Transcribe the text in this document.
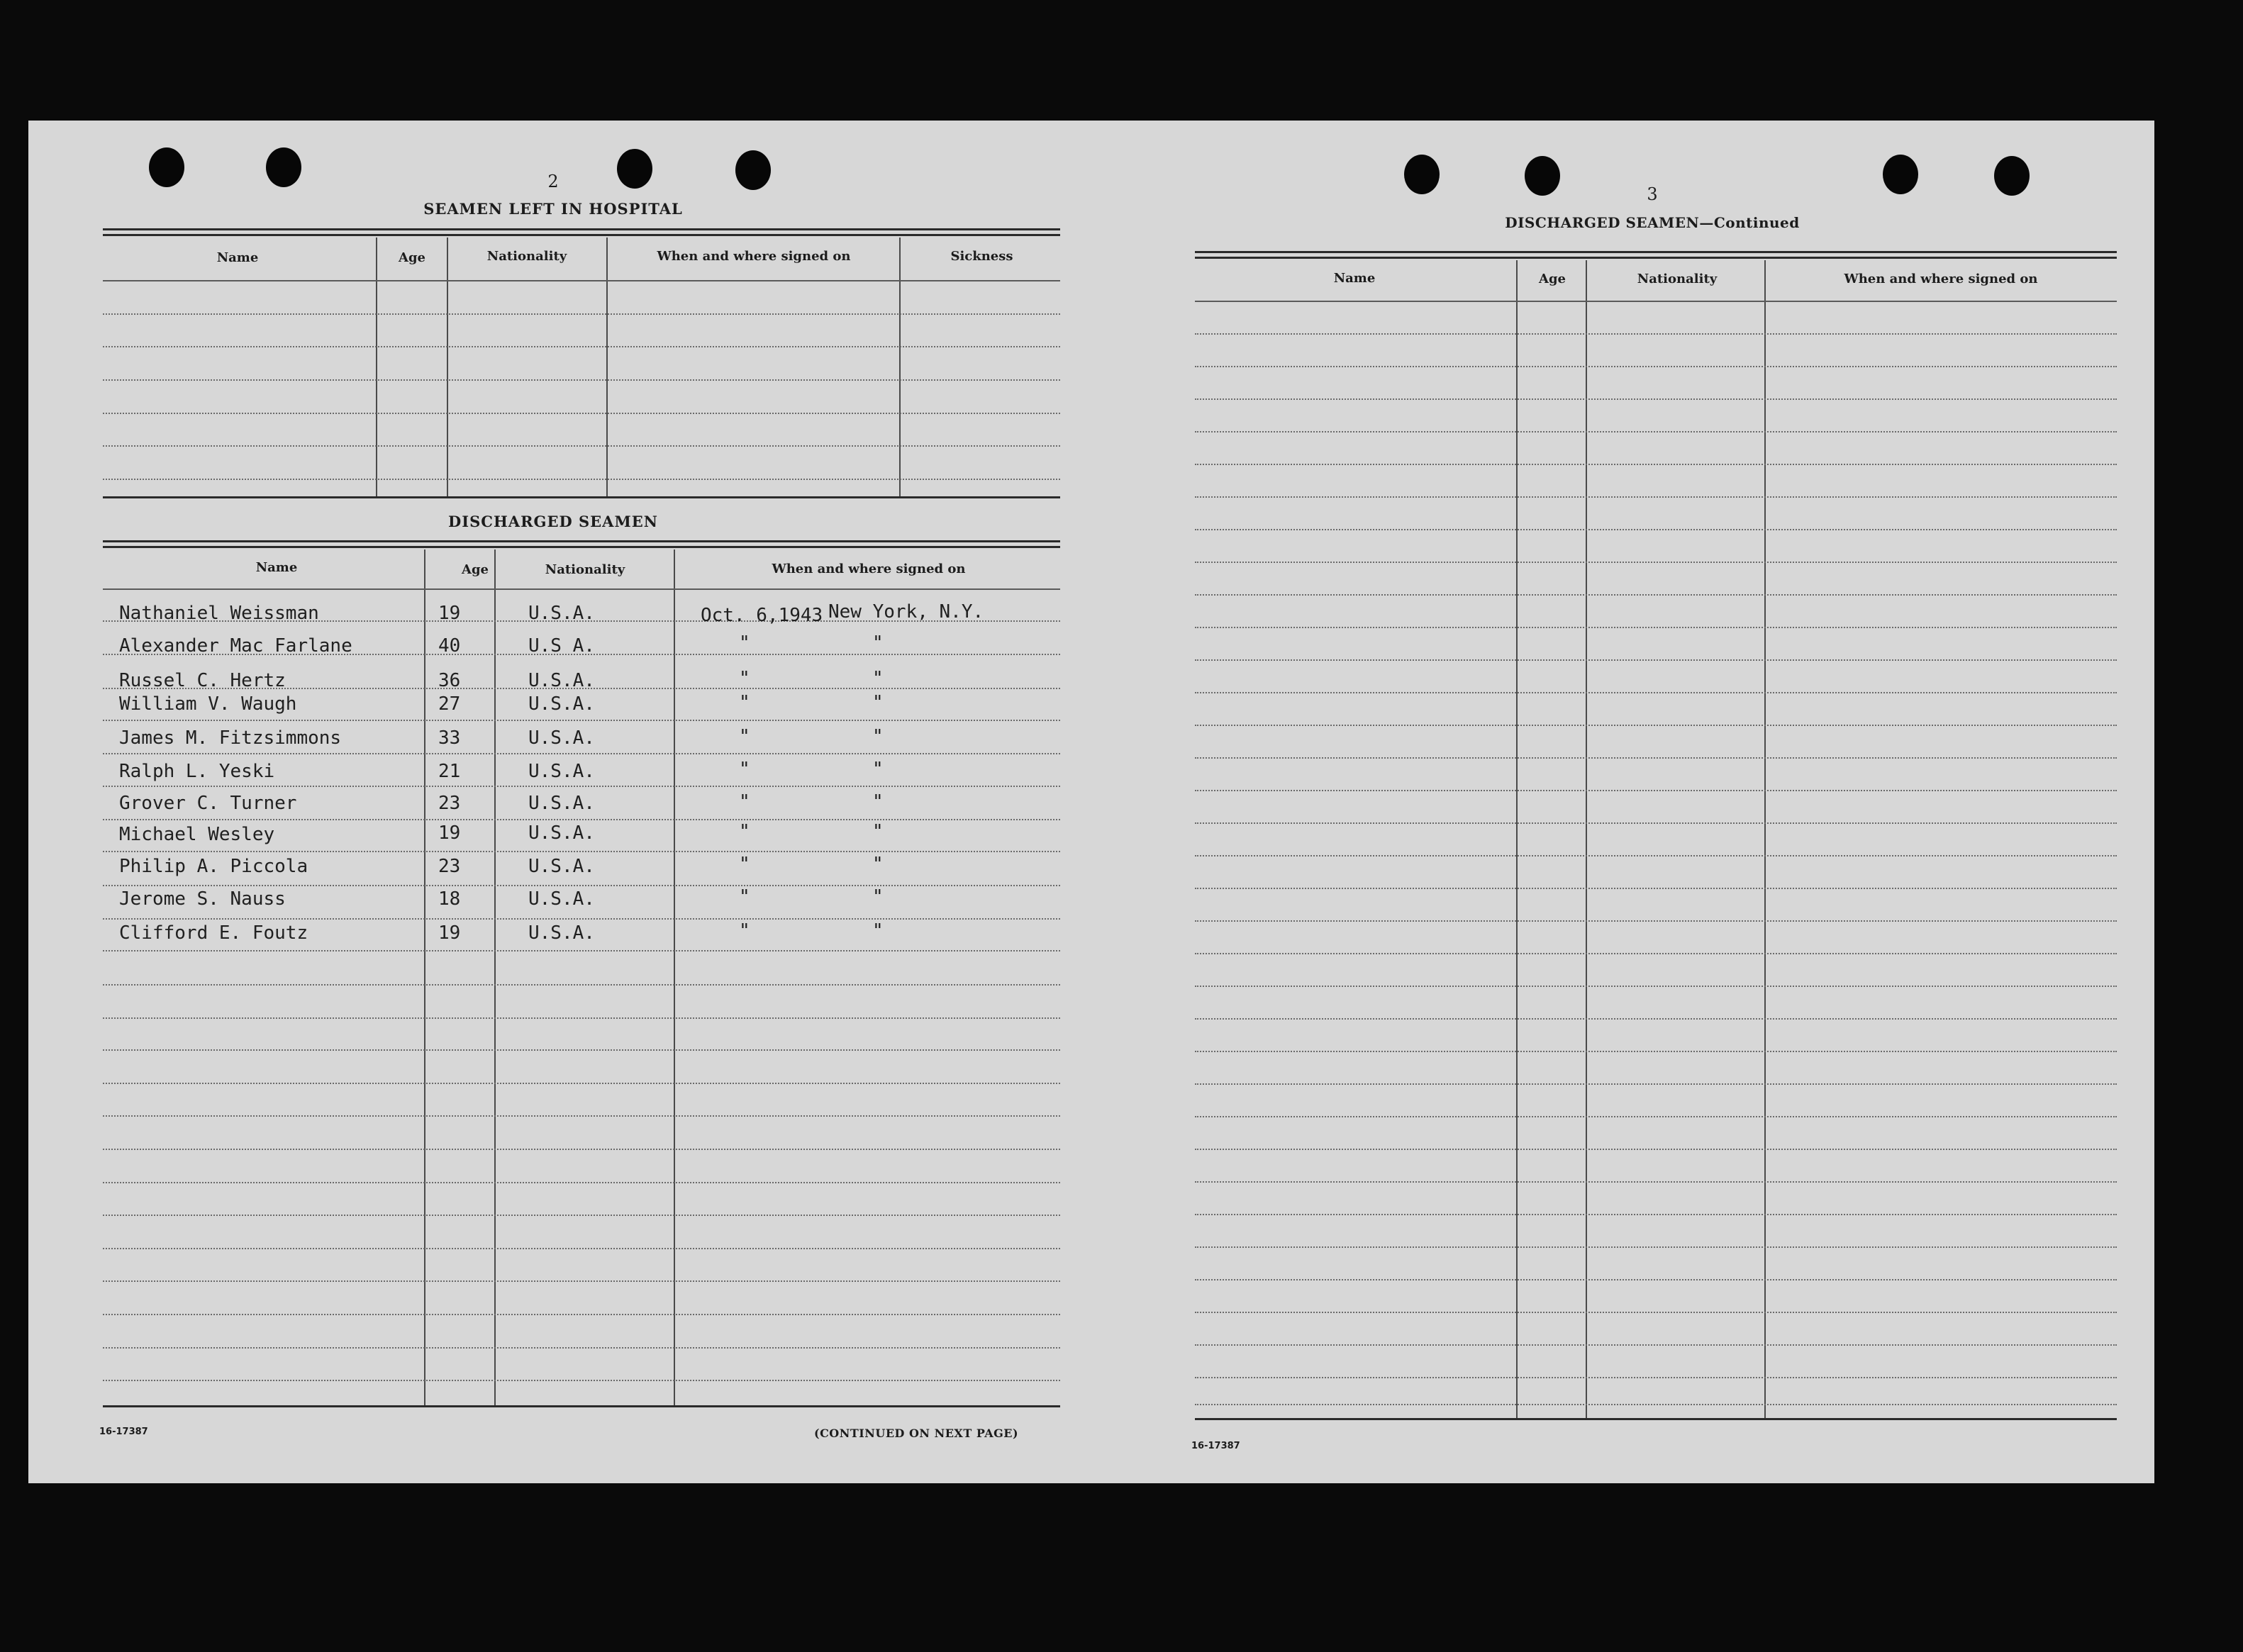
2
SEAMEN LEFT IN HOSPITAL
Name	Age	Nationality	When and where signed on	Sickness
DISCHARGED SEAMEN
Name	Age	Nationality	When and where signed on
Nathaniel Weissman	19	U.S.A.	Oct. 6,1943 New York, N.Y.
Alexander Mac Farlane	40	U.S A.	"	"
Russel C. Hertz	36	U.S.A.	"	"
William V. Waugh	27	U.S.A.	"	"
James M. Fitzsimmons	33	U.S.A.	"	"
Ralph L. Yeski	21	U.S.A.	"	"
Grover C. Turner	23	U.S.A.	"	"
Michael Wesley	19	U.S.A.	"	"
Philip A. Piccola	23	U.S.A.	"	"
Jerome S. Nauss	18	U.S.A.	"	"
Clifford E. Foutz	19	U.S.A.	"	"
16-17387	(CONTINUED ON NEXT PAGE)
3
DISCHARGED SEAMEN—Continued
Name	Age	Nationality	When and where signed on
16-17387
